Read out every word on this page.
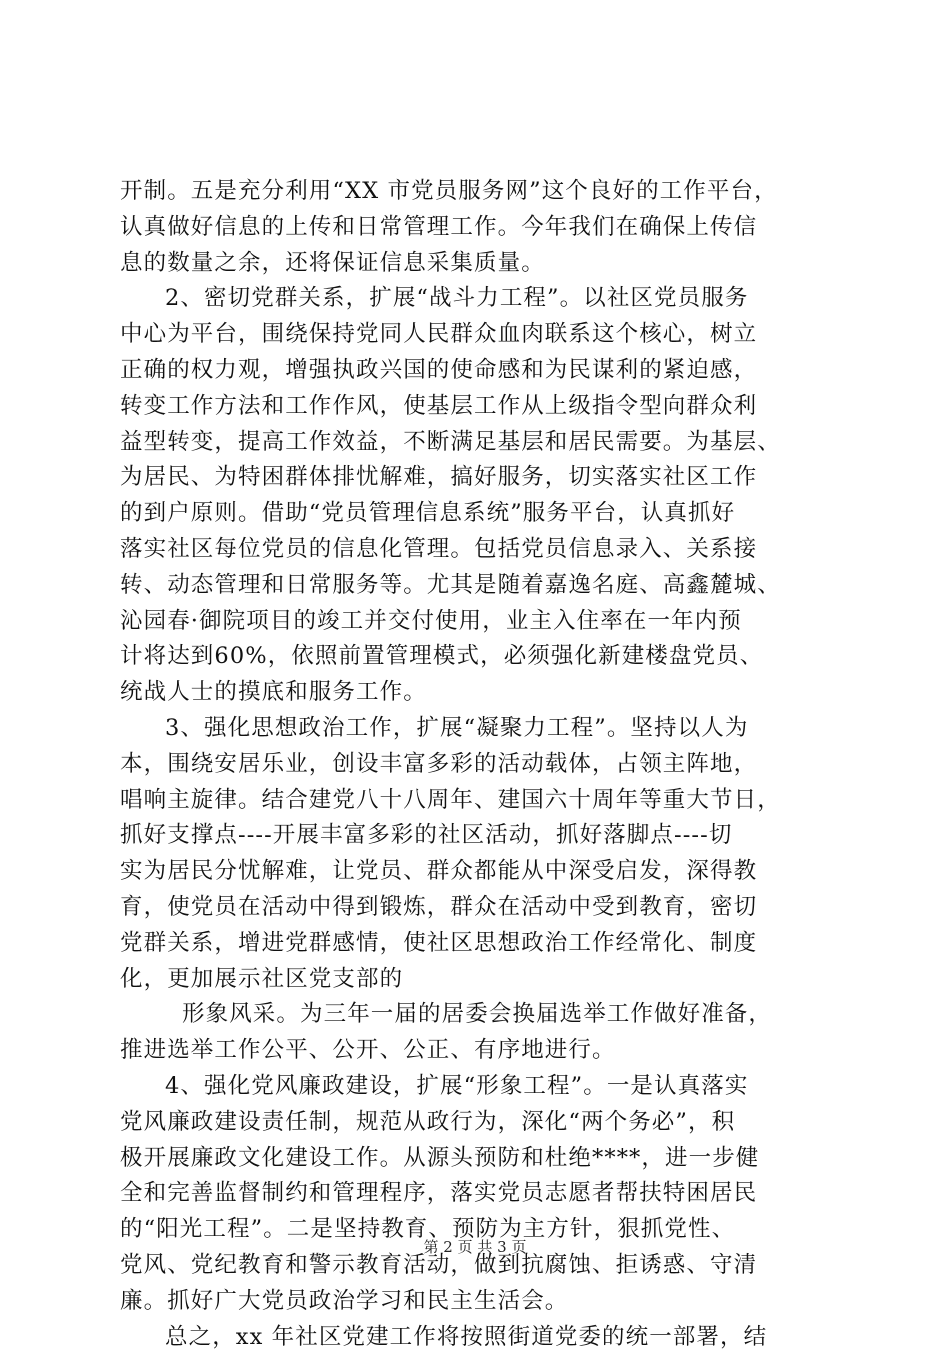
开制。五是充分利用“XX 市党员服务网”这个良好的工作平台，
认真做好信息的上传和日常管理工作。今年我们在确保上传信
息的数量之余，还将保证信息采集质量。
2、密切党群关系，扩展“战斗力工程”。以社区党员服务
中心为平台，围绕保持党同人民群众血肉联系这个核心，树立
正确的权力观，增强执政兴国的使命感和为民谋利的紧迫感，
转变工作方法和工作作风，使基层工作从上级指令型向群众利
益型转变，提高工作效益，不断满足基层和居民需要。为基层、
为居民、为特困群体排忧解难，搞好服务，切实落实社区工作
的到户原则。借助“党员管理信息系统”服务平台，认真抓好
落实社区每位党员的信息化管理。包括党员信息录入、关系接
转、动态管理和日常服务等。尤其是随着嘉逸名庭、高鑫麓城、
沁园春·御院项目的竣工并交付使用，业主入住率在一年内预
计将达到60%，依照前置管理模式，必须强化新建楼盘党员、
统战人士的摸底和服务工作。
3、强化思想政治工作，扩展“凝聚力工程”。坚持以人为
本，围绕安居乐业，创设丰富多彩的活动载体，占领主阵地，
唱响主旋律。结合建党八十八周年、建国六十周年等重大节日，
抓好支撑点----开展丰富多彩的社区活动，抓好落脚点----切
实为居民分忧解难，让党员、群众都能从中深受启发，深得教
育，使党员在活动中得到锻炼，群众在活动中受到教育，密切
党群关系，增进党群感情，使社区思想政治工作经常化、制度
化，更加展示社区党支部的
形象风采。为三年一届的居委会换届选举工作做好准备，
推进选举工作公平、公开、公正、有序地进行。
4、强化党风廉政建设，扩展“形象工程”。一是认真落实
党风廉政建设责任制，规范从政行为，深化“两个务必”，积
极开展廉政文化建设工作。从源头预防和杜绝****，进一步健
全和完善监督制约和管理程序，落实党员志愿者帮扶特困居民
的“阳光工程”。二是坚持教育、预防为主方针，狠抓党性、
党风、党纪教育和警示教育活动，做到抗腐蚀、拒诱惑、守清
廉。抓好广大党员政治学习和民主生活会。
总之，xx 年社区党建工作将按照街道党委的统一部署，结
第 2 页 共 3 页
